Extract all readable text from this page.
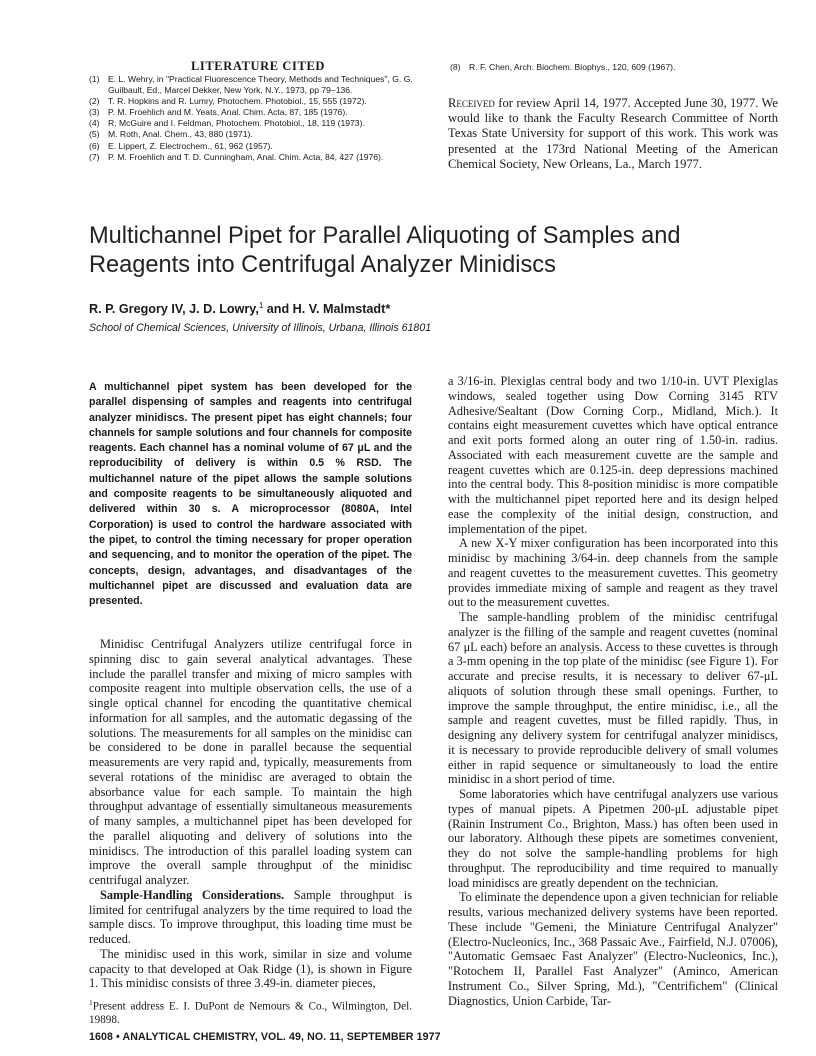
LITERATURE CITED
(1) E. L. Wehry, in "Practical Fluorescence Theory, Methods and Techniques", G. G. Guilbault, Ed., Marcel Dekker, New York, N.Y., 1973, pp 79–136.
(2) T. R. Hopkins and R. Lumry, Photochem. Photobiol., 15, 555 (1972).
(3) P. M. Froehlich and M. Yeats, Anal. Chim. Acta, 87, 185 (1976).
(4) R. McGuire and I. Feldman, Photochem. Photobiol., 18, 119 (1973).
(5) M. Roth, Anal. Chem., 43, 880 (1971).
(6) E. Lippert, Z. Electrochem., 61, 962 (1957).
(7) P. M. Froehlich and T. D. Cunningham, Anal. Chim. Acta, 84, 427 (1976).
(8) R. F. Chen, Arch. Biochem. Biophys., 120, 609 (1967).
Received for review April 14, 1977. Accepted June 30, 1977. We would like to thank the Faculty Research Committee of North Texas State University for support of this work. This work was presented at the 173rd National Meeting of the American Chemical Society, New Orleans, La., March 1977.
Multichannel Pipet for Parallel Aliquoting of Samples and Reagents into Centrifugal Analyzer Minidiscs
R. P. Gregory IV, J. D. Lowry,$^1$ and H. V. Malmstadt*
School of Chemical Sciences, University of Illinois, Urbana, Illinois 61801
A multichannel pipet system has been developed for the parallel dispensing of samples and reagents into centrifugal analyzer minidiscs. The present pipet has eight channels; four channels for sample solutions and four channels for composite reagents. Each channel has a nominal volume of 67 μL and the reproducibility of delivery is within 0.5 % RSD. The multichannel nature of the pipet allows the sample solutions and composite reagents to be simultaneously aliquoted and delivered within 30 s. A microprocessor (8080A, Intel Corporation) is used to control the hardware associated with the pipet, to control the timing necessary for proper operation and sequencing, and to monitor the operation of the pipet. The concepts, design, advantages, and disadvantages of the multichannel pipet are discussed and evaluation data are presented.

Minidisc Centrifugal Analyzers utilize centrifugal force in spinning disc to gain several analytical advantages. These include the parallel transfer and mixing of micro samples with composite reagent into multiple observation cells, the use of a single optical channel for encoding the quantitative chemical information for all samples, and the automatic degassing of the solutions. The measurements for all samples on the minidisc can be considered to be done in parallel because the sequential measurements are very rapid and, typically, measurements from several rotations of the minidisc are averaged to obtain the absorbance value for each sample. To maintain the high throughput advantage of essentially simultaneous measurements of many samples, a multichannel pipet has been developed for the parallel aliquoting and delivery of solutions into the minidiscs. The introduction of this parallel loading system can improve the overall sample throughput of the minidisc centrifugal analyzer.

Sample-Handling Considerations. Sample throughput is limited for centrifugal analyzers by the time required to load the sample discs. To improve throughput, this loading time must be reduced.

The minidisc used in this work, similar in size and volume capacity to that developed at Oak Ridge (1), is shown in Figure 1. This minidisc consists of three 3.49-in. diameter pieces,

$^1$Present address E. I. DuPont de Nemours & Co., Wilmington, Del. 19898.

a 3/16-in. Plexiglas central body and two 1/10-in. UVT Plexiglas windows, sealed together using Dow Corning 3145 RTV Adhesive/Sealtant (Dow Corning Corp., Midland, Mich.). It contains eight measurement cuvettes which have optical entrance and exit ports formed along an outer ring of 1.50-in. radius. Associated with each measurement cuvette are the sample and reagent cuvettes which are 0.125-in. deep depressions machined into the central body. This 8-position minidisc is more compatible with the multichannel pipet reported here and its design helped ease the complexity of the initial design, construction, and implementation of the pipet.

A new X-Y mixer configuration has been incorporated into this minidisc by machining 3/64-in. deep channels from the sample and reagent cuvettes to the measurement cuvettes. This geometry provides immediate mixing of sample and reagent as they travel out to the measurement cuvettes.

The sample-handling problem of the minidisc centrifugal analyzer is the filling of the sample and reagent cuvettes (nominal 67 μL each) before an analysis. Access to these cuvettes is through a 3-mm opening in the top plate of the minidisc (see Figure 1). For accurate and precise results, it is necessary to deliver 67-μL aliquots of solution through these small openings. Further, to improve the sample throughput, the entire minidisc, i.e., all the sample and reagent cuvettes, must be filled rapidly. Thus, in designing any delivery system for centrifugal analyzer minidiscs, it is necessary to provide reproducible delivery of small volumes either in rapid sequence or simultaneously to load the entire minidisc in a short period of time.

Some laboratories which have centrifugal analyzers use various types of manual pipets. A Pipetmen 200-μL adjustable pipet (Rainin Instrument Co., Brighton, Mass.) has often been used in our laboratory. Although these pipets are sometimes convenient, they do not solve the sample-handling problems for high throughput. The reproducibility and time required to manually load minidiscs are greatly dependent on the technician.

To eliminate the dependence upon a given technician for reliable results, various mechanized delivery systems have been reported. These include "Gemeni, the Miniature Centrifugal Analyzer" (Electro-Nucleonics, Inc., 368 Passaic Ave., Fairfield, N.J. 07006), "Automatic Gemsaec Fast Analyzer" (Electro-Nucleonics, Inc.), "Rotochem II, Parallel Fast Analyzer" (Aminco, American Instrument Co., Silver Spring, Md.), "Centrifichem" (Clinical Diagnostics, Union Carbide, Tar-

1608 • ANALYTICAL CHEMISTRY, VOL. 49, NO. 11, SEPTEMBER 1977
